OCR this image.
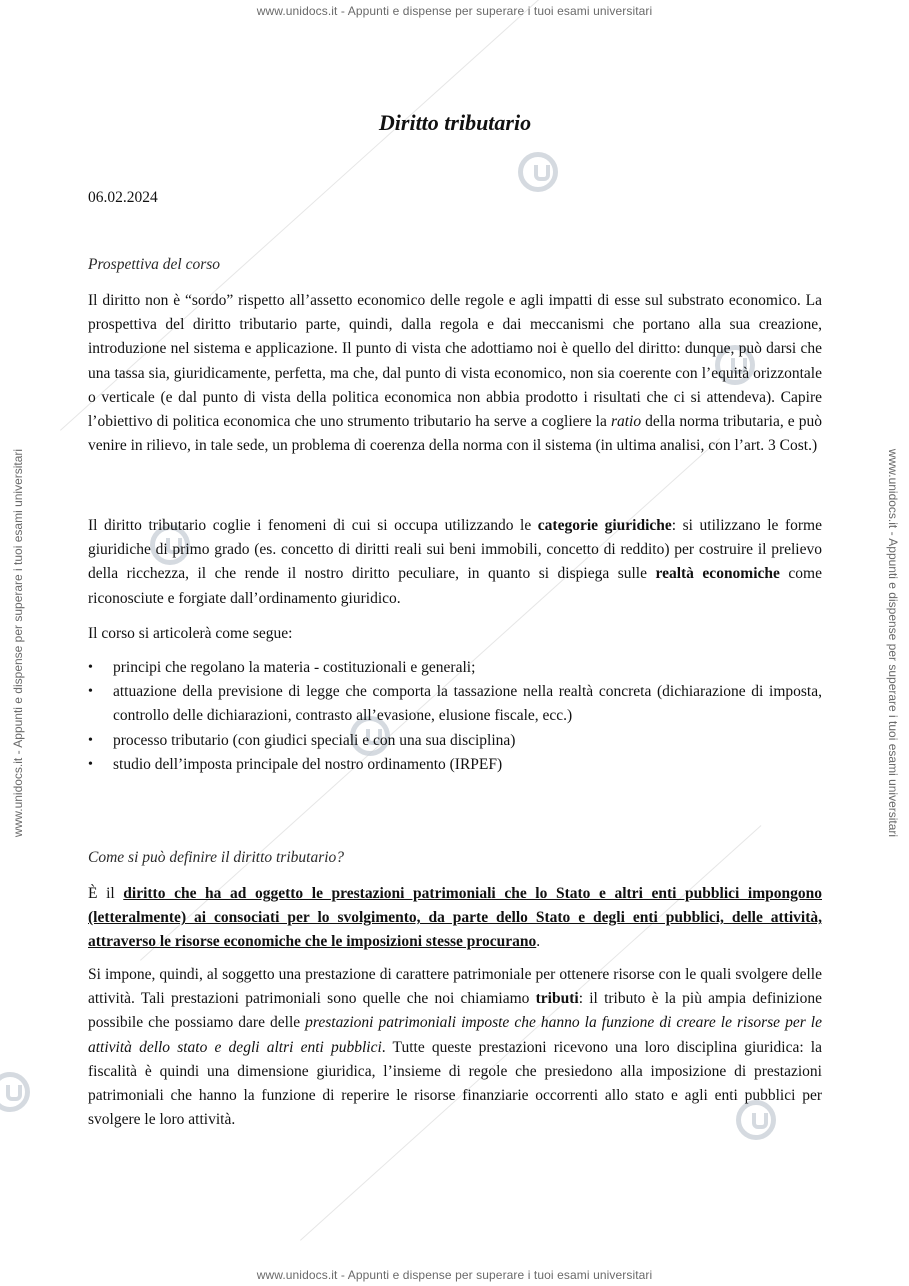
www.unidocs.it - Appunti e dispense per superare i tuoi esami universitari
www.unidocs.it - Appunti e dispense per superare i tuoi esami universitari
www.unidocs.it - Appunti e dispense per superare i tuoi esami universitari	www.unidocs.it - Appunti e dispense per superare i tuoi esami universitari
Diritto tributario
06.02.2024
Prospettiva del corso

Il diritto non è “sordo” rispetto all’assetto economico delle regole e agli impatti di esse sul substrato economico. La prospettiva del diritto tributario parte, quindi, dalla regola e dai meccanismi che portano alla sua creazione, introduzione nel sistema e applicazione. Il punto di vista che adottiamo noi è quello del diritto: dunque, può darsi che una tassa sia, giuridicamente, perfetta, ma che, dal punto di vista economico, non sia coerente con l’equità orizzontale o verticale (e dal punto di vista della politica economica non abbia prodotto i risultati che ci si attendeva). Capire l’obiettivo di politica economica che uno strumento tributario ha serve a cogliere la ratio della norma tributaria, e può venire in rilievo, in tale sede, un problema di coerenza della norma con il sistema (in ultima analisi, con l’art. 3 Cost.)

Il diritto tributario coglie i fenomeni di cui si occupa utilizzando le categorie giuridiche: si utilizzano le forme giuridiche di primo grado (es. concetto di diritti reali sui beni immobili, concetto di reddito) per costruire il prelievo della ricchezza, il che rende il nostro diritto peculiare, in quanto si dispiega sulle realtà economiche come riconosciute e forgiate dall’ordinamento giuridico.

Il corso si articolerà come segue:

• principi che regolano la materia - costituzionali e generali;
• attuazione della previsione di legge che comporta la tassazione nella realtà concreta (dichiarazione di imposta, controllo delle dichiarazioni, contrasto all’evasione, elusione fiscale, ecc.)
• processo tributario (con giudici speciali e con una sua disciplina)
• studio dell’imposta principale del nostro ordinamento (IRPEF)
Come si può definire il diritto tributario?

È il diritto che ha ad oggetto le prestazioni patrimoniali che lo Stato e altri enti pubblici impongono (letteralmente) ai consociati per lo svolgimento, da parte dello Stato e degli enti pubblici, delle attività, attraverso le risorse economiche che le imposizioni stesse procurano.

Si impone, quindi, al soggetto una prestazione di carattere patrimoniale per ottenere risorse con le quali svolgere delle attività. Tali prestazioni patrimoniali sono quelle che noi chiamiamo tributi: il tributo è la più ampia definizione possibile che possiamo dare delle prestazioni patrimoniali imposte che hanno la funzione di creare le risorse per le attività dello stato e degli altri enti pubblici. Tutte queste prestazioni ricevono una loro disciplina giuridica: la fiscalità è quindi una dimensione giuridica, l’insieme di regole che presiedono alla imposizione di prestazioni patrimoniali che hanno la funzione di reperire le risorse finanziarie occorrenti allo stato e agli enti pubblici per svolgere le loro attività.
